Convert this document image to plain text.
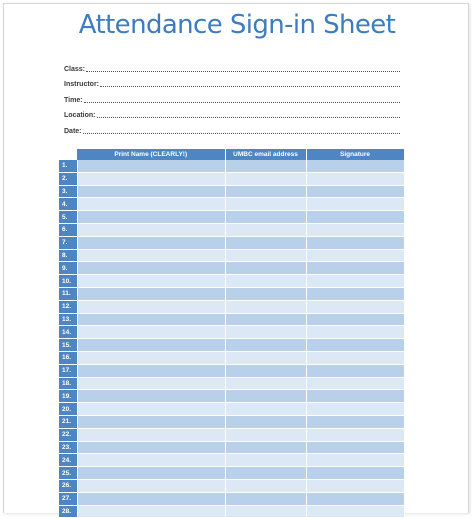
Attendance Sign-in Sheet
Class:
Instructor:
Time:
Location:
Date:
	Print Name (CLEARLY!)	UMBC email address	Signature
1.			
2.			
3.			
4.			
5.			
6.			
7.			
8.			
9.			
10.			
11.			
12.			
13.			
14.			
15.			
16.			
17.			
18.			
19.			
20.			
21.			
22.			
23.			
24.			
25.			
26.			
27.			
28.			
